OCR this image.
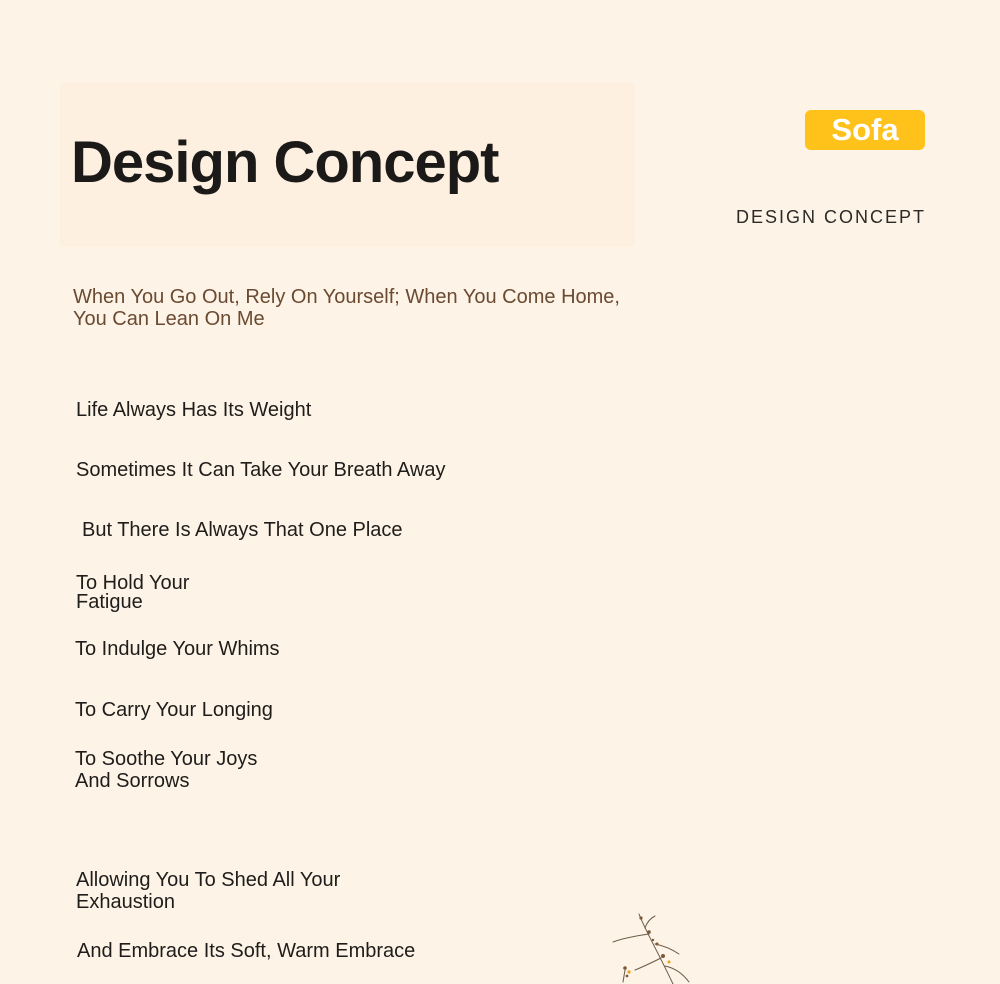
Design Concept
Sofa
DESIGN CONCEPT
When You Go Out, Rely On Yourself; When You Come Home, You Can Lean On Me
Life Always Has Its Weight
Sometimes It Can Take Your Breath Away
But There Is Always That One Place
To Hold Your
Fatigue
To Indulge Your Whims
To Carry Your Longing
To Soothe Your Joys
And Sorrows
Allowing You To Shed All Your
Exhaustion
And Embrace Its Soft, Warm Embrace
